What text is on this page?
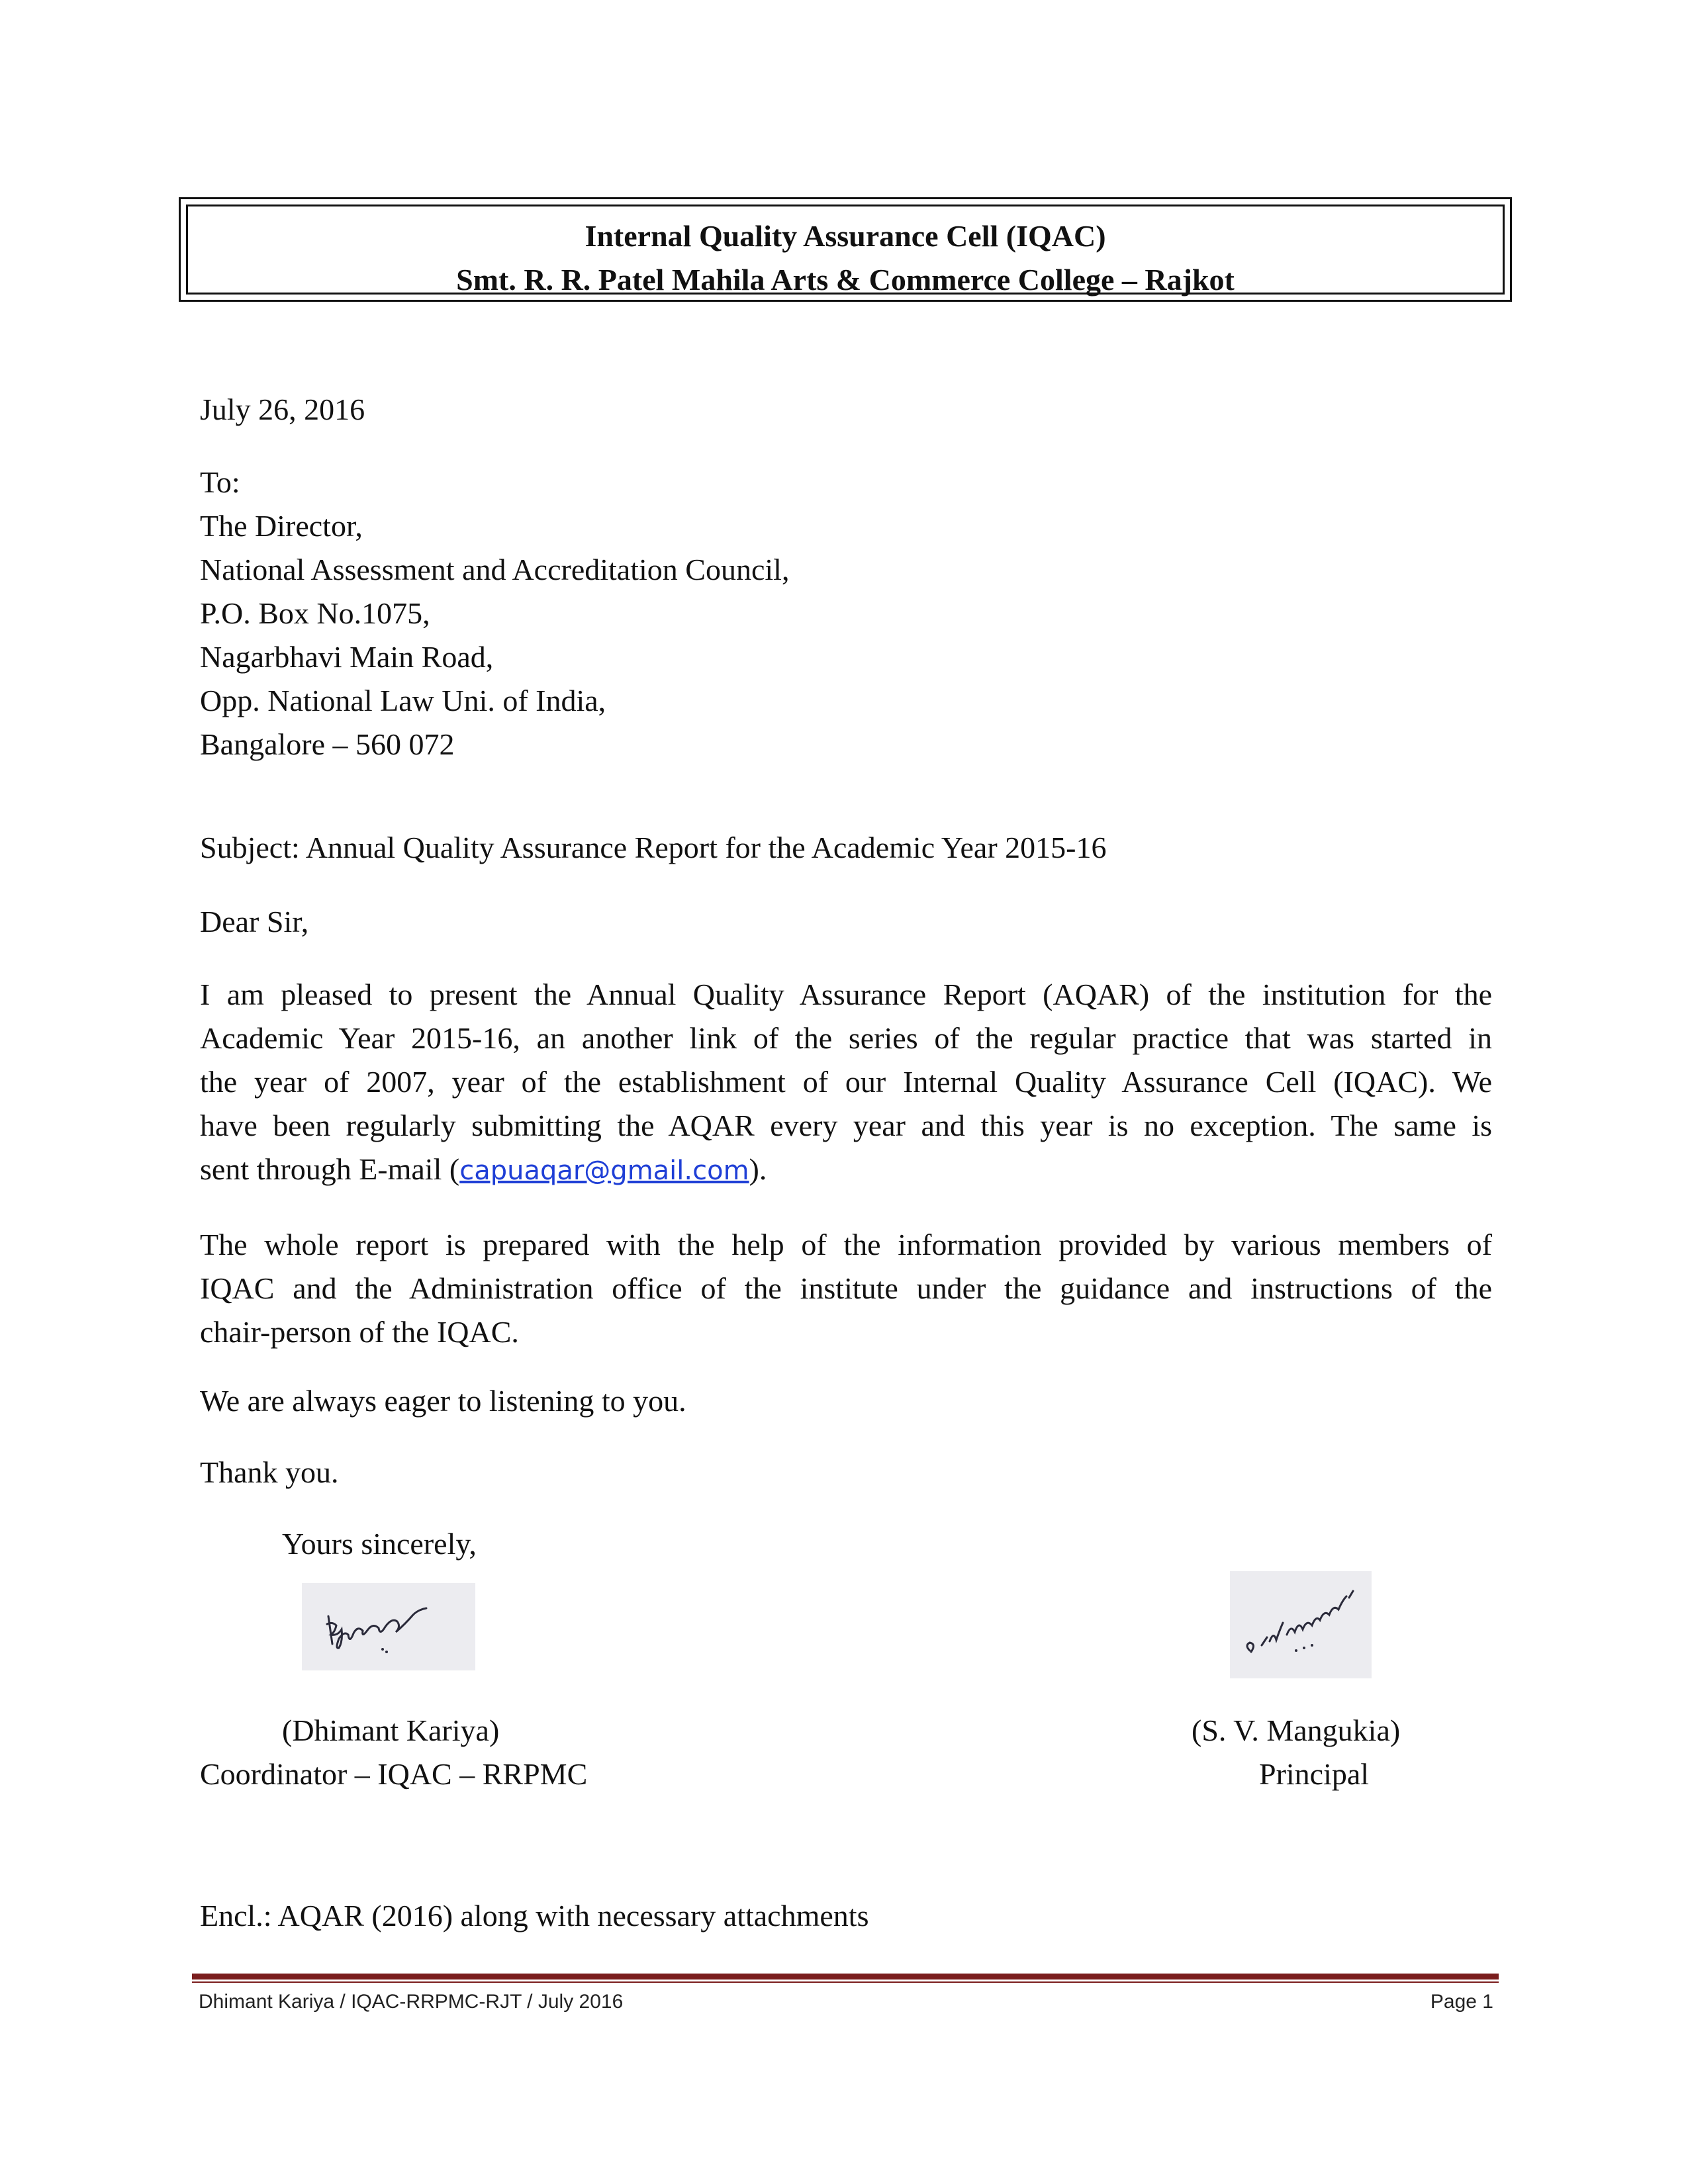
Internal Quality Assurance Cell (IQAC)
Smt. R. R. Patel Mahila Arts & Commerce College – Rajkot
July 26, 2016
To:
The Director,
National Assessment and Accreditation Council,
P.O. Box No.1075,
Nagarbhavi Main Road,
Opp. National Law Uni. of India,
Bangalore – 560 072
Subject: Annual Quality Assurance Report for the Academic Year 2015-16
Dear Sir,
I am pleased to present the Annual Quality Assurance Report (AQAR) of the institution for the
Academic Year 2015-16, an another link of the series of the regular practice that was started in
the year of 2007, year of the establishment of our Internal Quality Assurance Cell (IQAC). We
have been regularly submitting the AQAR every year and this year is no exception. The same is
sent through E-mail (capuaqar@gmail.com).
The whole report is prepared with the help of the information provided by various members of
IQAC and the Administration office of the institute under the guidance and instructions of the
chair-person of the IQAC.
We are always eager to listening to you.
Thank you.
Yours sincerely,
(Dhimant Kariya)
Coordinator – IQAC – RRPMC
(S. V. Mangukia)
Principal
Encl.: AQAR (2016) along with necessary attachments
Dhimant Kariya / IQAC-RRPMC-RJT / July 2016	Page 1
